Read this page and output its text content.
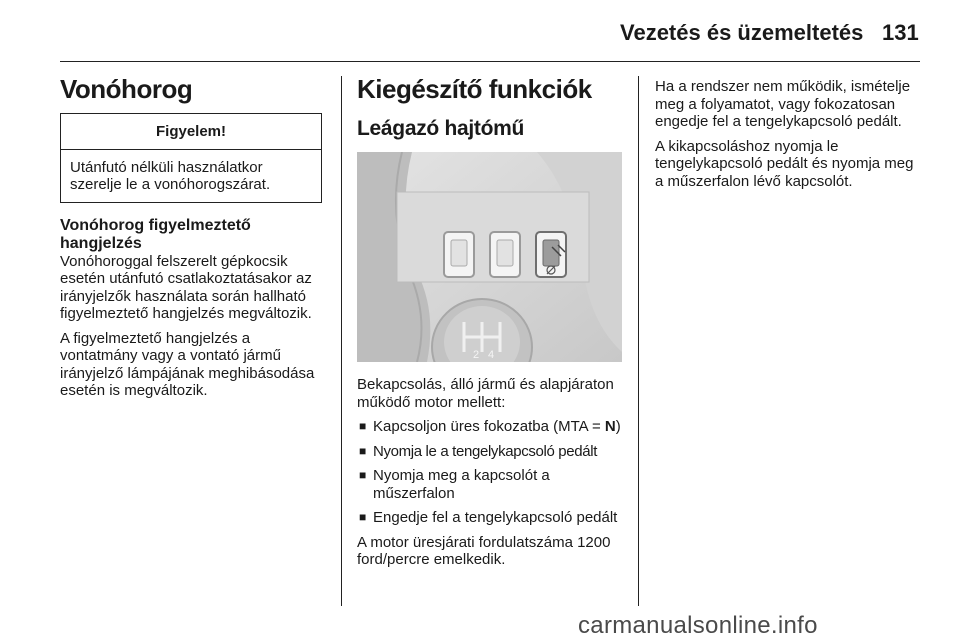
Vezetés és üzemeltetés 131
Vonóhorog
Figyelem!
Utánfutó nélküli használatkor szerelje le a vonóhorogszárat.
Vonóhorog figyelmeztető hangjelzés

Vonóhoroggal felszerelt gépkocsik esetén utánfutó csatlakoztatásakor az irányjelzők használata során hallható figyelmeztető hangjelzés megváltozik.

A figyelmeztető hangjelzés a vontatmány vagy a vontató jármű irányjelző lámpájának meghibásodása esetén is megváltozik.

Kiegészítő funkciók
Leágazó hajtómű
2 4

Bekapcsolás, álló jármű és alapjáraton működő motor mellett:

■ Kapcsoljon üres fokozatba (MTA = N)
■ Nyomja le a tengelykapcsoló pedált
■ Nyomja meg a kapcsolót a műszerfalon
■ Engedje fel a tengelykapcsoló pedált

A motor üresjárati fordulatszáma 1200 ford/percre emelkedik.

Ha a rendszer nem működik, ismételje meg a folyamatot, vagy fokozatosan engedje fel a tengelykapcsoló pedált.

A kikapcsoláshoz nyomja le tengelykapcsoló pedált és nyomja meg a műszerfalon lévő kapcsolót.

carmanualsonline.info
